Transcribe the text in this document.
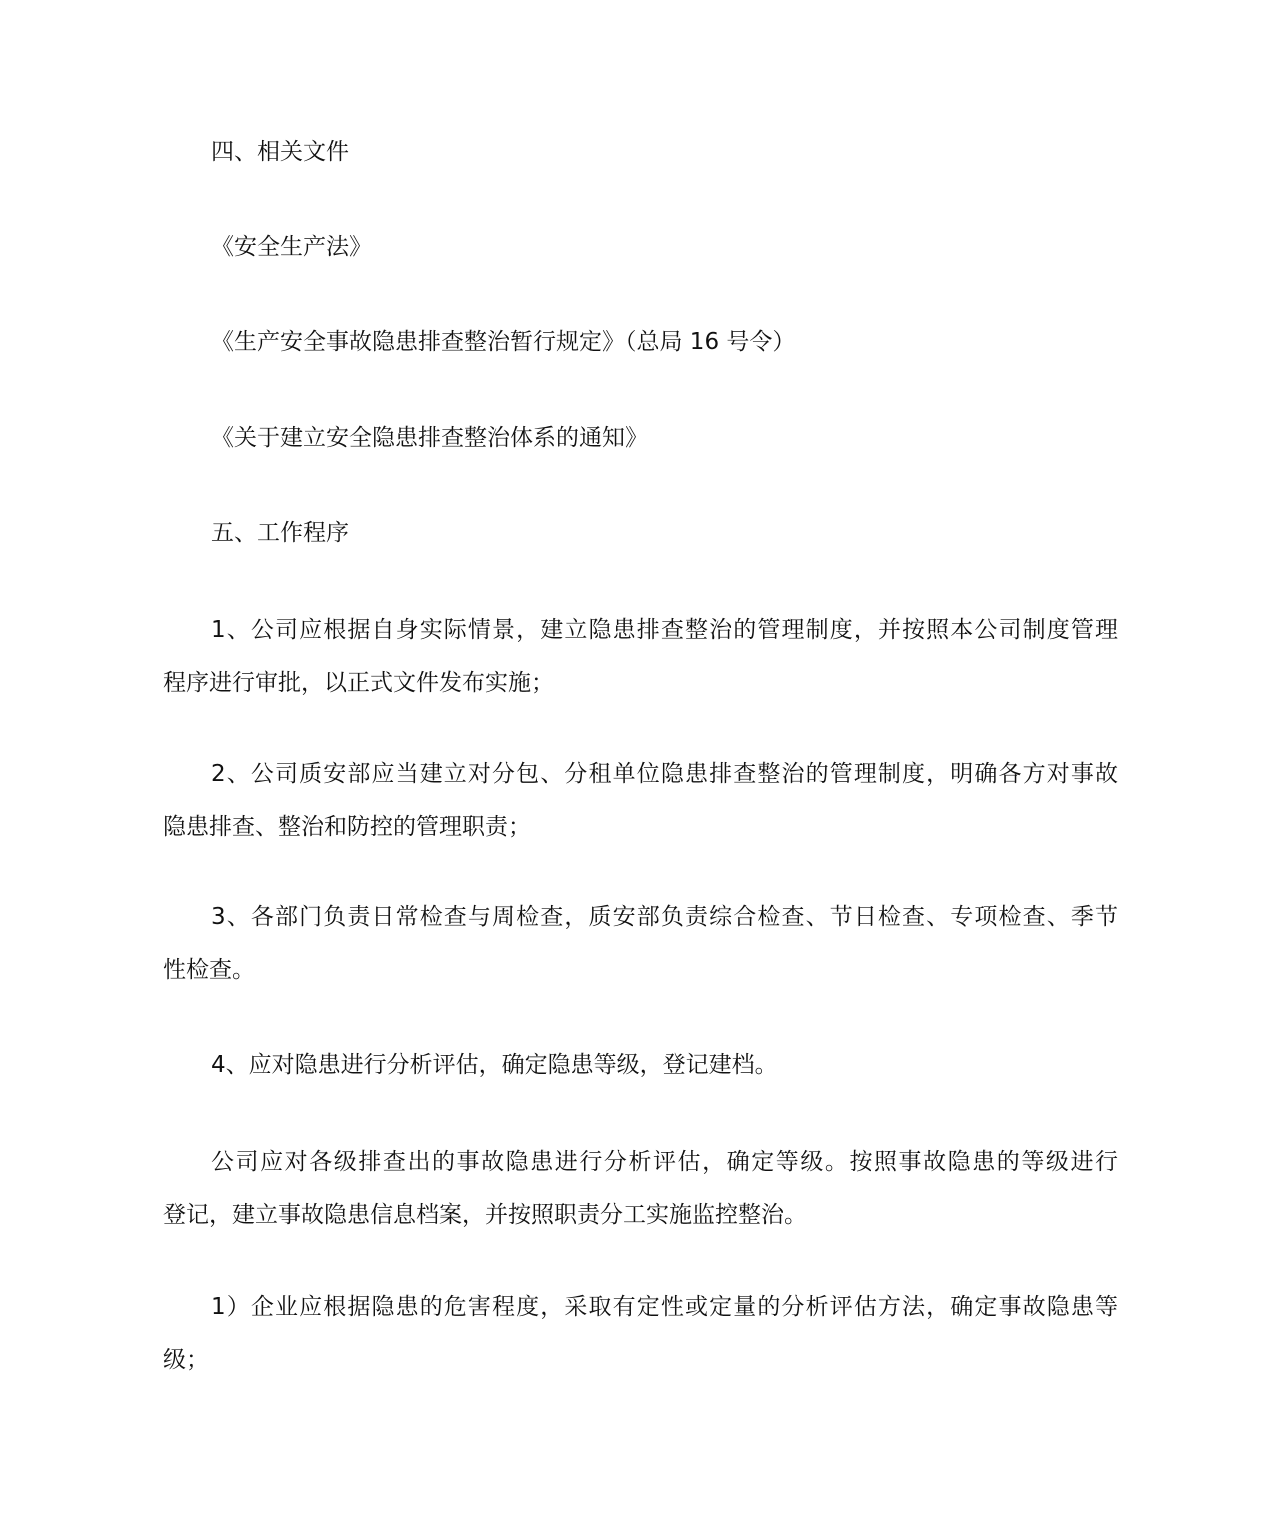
四、相关文件

《安全生产法》

《生产安全事故隐患排查整治暂行规定》（总局 16 号令）

《关于建立安全隐患排查整治体系的通知》

五、工作程序

1、公司应根据自身实际情景，建立隐患排查整治的管理制度，并按照本公司制度管理
程序进行审批，以正式文件发布实施；
2、公司质安部应当建立对分包、分租单位隐患排查整治的管理制度，明确各方对事故
隐患排查、整治和防控的管理职责；
3、各部门负责日常检查与周检查，质安部负责综合检查、节日检查、专项检查、季节
性检查。

4、应对隐患进行分析评估，确定隐患等级，登记建档。

公司应对各级排查出的事故隐患进行分析评估，确定等级。按照事故隐患的等级进行
登记，建立事故隐患信息档案，并按照职责分工实施监控整治。
1）企业应根据隐患的危害程度，采取有定性或定量的分析评估方法，确定事故隐患等
级；
